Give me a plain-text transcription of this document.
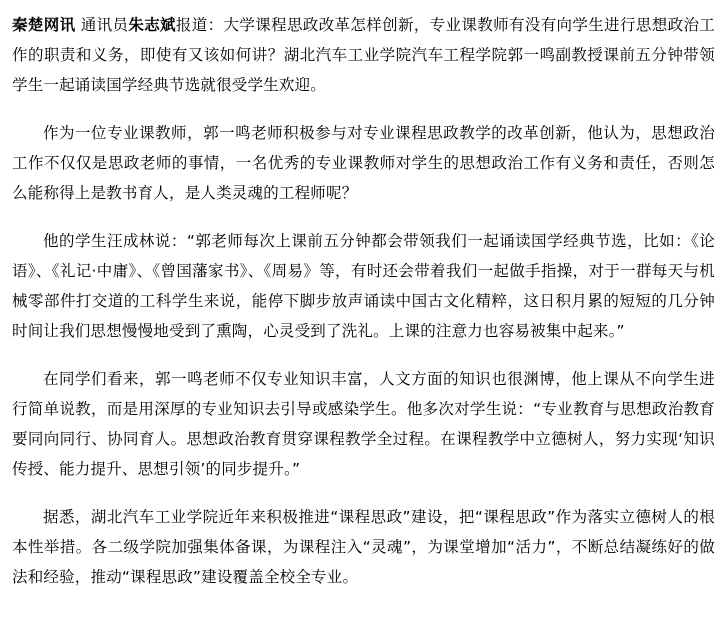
秦楚网讯 通讯员朱志斌报道：大学课程思政改革怎样创新，专业课教师有没有向学生进行思想政治工作的职责和义务，即使有又该如何讲？湖北汽车工业学院汽车工程学院郭一鸣副教授课前五分钟带领学生一起诵读国学经典节选就很受学生欢迎。

作为一位专业课教师，郭一鸣老师积极参与对专业课程思政教学的改革创新，他认为，思想政治工作不仅仅是思政老师的事情，一名优秀的专业课教师对学生的思想政治工作有义务和责任，否则怎么能称得上是教书育人，是人类灵魂的工程师呢？

他的学生汪成林说：“郭老师每次上课前五分钟都会带领我们一起诵读国学经典节选，比如：《论语》、《礼记·中庸》、《曾国藩家书》、《周易》等，有时还会带着我们一起做手指操，对于一群每天与机械零部件打交道的工科学生来说，能停下脚步放声诵读中国古文化精粹，这日积月累的短短的几分钟时间让我们思想慢慢地受到了熏陶，心灵受到了洗礼。上课的注意力也容易被集中起来。”

在同学们看来，郭一鸣老师不仅专业知识丰富，人文方面的知识也很渊博，他上课从不向学生进行简单说教，而是用深厚的专业知识去引导或感染学生。他多次对学生说：“专业教育与思想政治教育要同向同行、协同育人。思想政治教育贯穿课程教学全过程。在课程教学中立德树人，努力实现‘知识传授、能力提升、思想引领’的同步提升。”

据悉，湖北汽车工业学院近年来积极推进“课程思政”建设，把“课程思政”作为落实立德树人的根本性举措。各二级学院加强集体备课，为课程注入“灵魂”，为课堂增加“活力”，不断总结凝练好的做法和经验，推动“课程思政”建设覆盖全校全专业。
